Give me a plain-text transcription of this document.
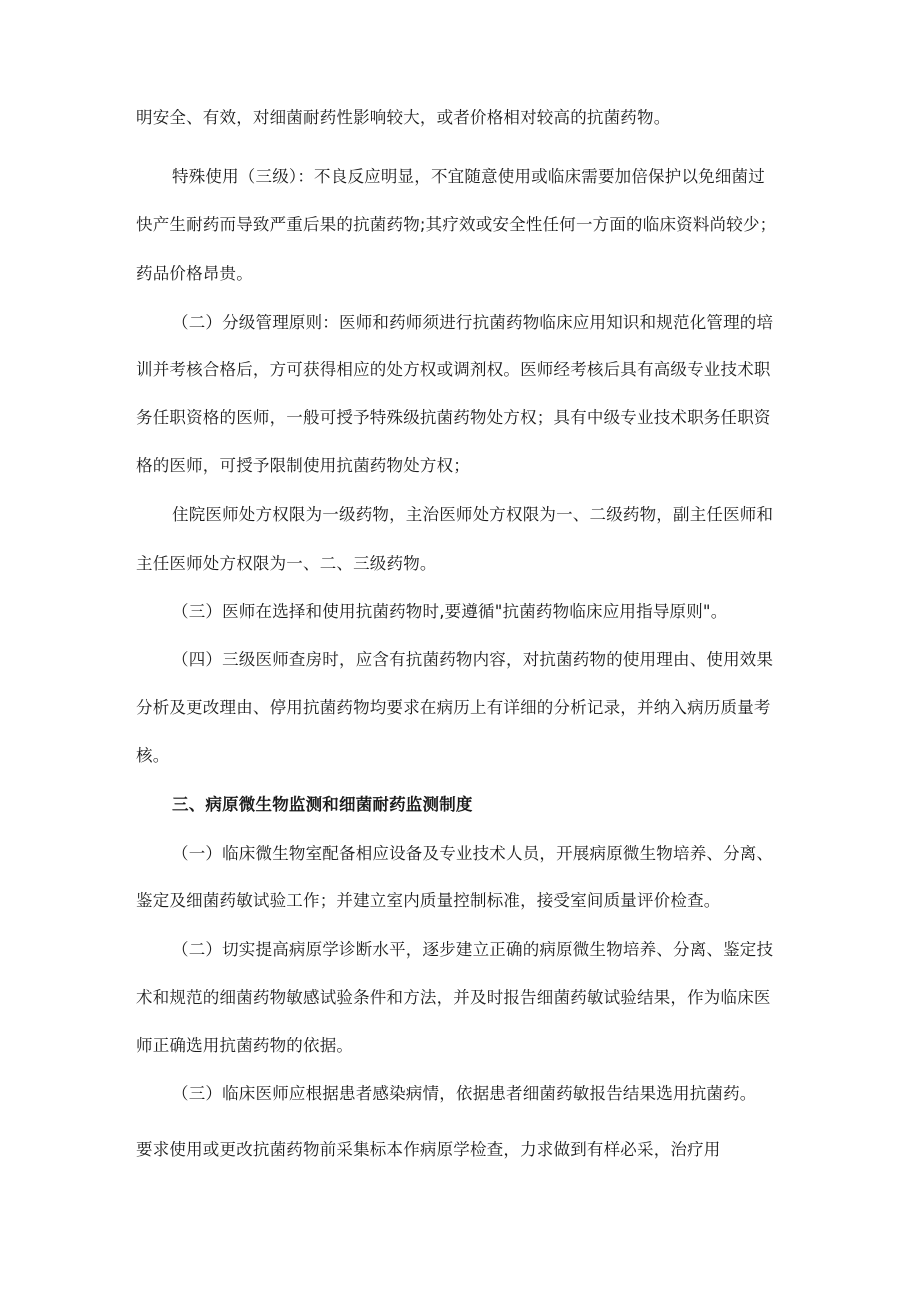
明安全、有效，对细菌耐药性影响较大，或者价格相对较高的抗菌药物。

特殊使用（三级）：不良反应明显，不宜随意使用或临床需要加倍保护以免细菌过

快产生耐药而导致严重后果的抗菌药物;其疗效或安全性任何一方面的临床资料尚较少；

药品价格昂贵。

（二）分级管理原则：医师和药师须进行抗菌药物临床应用知识和规范化管理的培

训并考核合格后，方可获得相应的处方权或调剂权。医师经考核后具有高级专业技术职

务任职资格的医师，一般可授予特殊级抗菌药物处方权；具有中级专业技术职务任职资

格的医师，可授予限制使用抗菌药物处方权；

住院医师处方权限为一级药物，主治医师处方权限为一、二级药物，副主任医师和

主任医师处方权限为一、二、三级药物。

（三）医师在选择和使用抗菌药物时,要遵循"抗菌药物临床应用指导原则"。

（四）三级医师查房时，应含有抗菌药物内容，对抗菌药物的使用理由、使用效果

分析及更改理由、停用抗菌药物均要求在病历上有详细的分析记录，并纳入病历质量考

核。

三、病原微生物监测和细菌耐药监测制度

（一）临床微生物室配备相应设备及专业技术人员，开展病原微生物培养、分离、

鉴定及细菌药敏试验工作；并建立室内质量控制标准，接受室间质量评价检查。

（二）切实提高病原学诊断水平，逐步建立正确的病原微生物培养、分离、鉴定技

术和规范的细菌药物敏感试验条件和方法，并及时报告细菌药敏试验结果，作为临床医

师正确选用抗菌药物的依据。

（三）临床医师应根据患者感染病情，依据患者细菌药敏报告结果选用抗菌药。

要求使用或更改抗菌药物前采集标本作病原学检查，力求做到有样必采，治疗用
